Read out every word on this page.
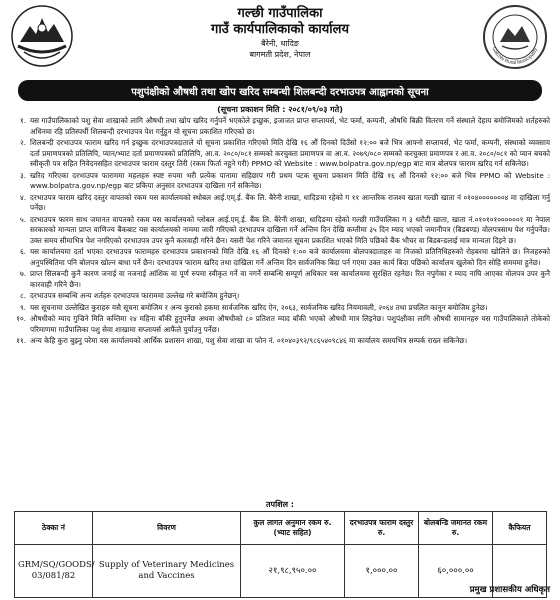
गल्छी गाउँपालिका
गाउँ कार्यपालिकाको कार्यालय
बैरेनी, धादिङ
बागमती प्रदेश, नेपाल
Galchhi Rural Municipality
पशुपंक्षीको औषधी तथा खोप खरिद सम्बन्धी शिलबन्दी दरभाउपत्र आह्वानको सूचना
(सूचना प्रकाशन मिति : २०८१/०९/०३ गते)
१. यस गाउँपालिकाको पशु सेवा शाखाको लागि औषधी तथा खोप खरिद गर्नुपर्ने भएकोले इच्छुक, इजाजत प्राप्त सप्लायर्स, भेट फर्मा, कम्पनी, औषधि बिक्री वितरण गर्ने संस्थाले देहाय बमोजिमको शर्तहरुको अधिनमा रहि प्रतिस्पर्धी शिलबन्दी दरभाउपत्र पेश गर्नुहुन यो सूचना प्रकाशित गरिएको छ।
२. शिलबन्दी दरभाउपत्र फाराम खरिद गर्न इच्छुक दरभाउपत्रदाताले यो सूचना प्रकाशित गरिएको मिति देखि १६ औं दिनको दिउँसो १२:०० बजे भित्र आफ्नो सप्लायर्स, भेट फर्मा, कम्पनी, संस्थाको व्यवसाय दर्ता प्रमाणपत्रको प्रतिलिपि, प्यान/भ्याट दर्ता प्रमाणपत्रको प्रतिलिपि, आ.व. २०८०/०८१ सम्मको करचुक्ता प्रमाणपत्र वा आ.व. २०७९/०८० सम्मको करचुक्ता प्रमाणपत्र र आ.व. २०८०/०८१ को प्यान बचको स्वीकृती पत्र सहित निवेदनसहित दरभाउपत्र फाराम दस्तुर तिरी (रकम फिर्ता नहुने गरी) PPMO को Website : www.bolpatra.gov.np/egp बाट मात्र बोलपत्र फाराम खरिद गर्न सकिनेछ।
३. खरिद गरिएका दरभाउपत्र फाराममा महलहरु स्पष्ट रुपमा भरी प्रत्येक पानामा सहिछाप गरी प्रथम पटक सूचना प्रकाशन मिति देखि १६ औं दिनको १२:०० बजे भित्र PPMO को Website : www.bolpatra.gov.np/egp बाट प्रकिया अनुसार दरभाउपत्र दाखिला गर्न सकिनेछ।
४. दरभाउपत्र फाराम खरिद दस्तुर वापतको रकम यस कार्यालयको स्थोबल आई.एम्.ई. बैंक लि. बैरेनी शाखा, धादिङमा रहेको ग ११ आन्तरिक राजश्व खाता गल्छी खाता नं ०१०४०००००००४ मा दाखिला गर्नु पर्नेछ।
५. दरभाउपत्र फारम साथ जमानत वापतको रकम यस कार्यालयको ग्लोबल आई.एम्.ई. बैंक लि. बैरेनी शाखा, धादिङमा रहेको गल्छी गाउँपालिका ग ३ धरौटी खाता, खाता नं.०१०१०१००००००१ मा नेपाल सरकारको मान्यता प्राप्त वाणिज्य बैंकबाट यस कार्यालयको नाममा जारी गरिएको दरभाउपत्र दाखिला गर्ने अन्तिम दिन देखि कम्तीमा ३५ दिन म्याद भएको जमानीपत्र (बिडबण्ड) वोलपत्रसाथ पेश गर्नुपर्नेछ। उक्त समय सीमाभित्र पेश नगरिएको दरभाउपत्र उपर कुनै कारवाही गरिने छैन। यसरी पेश गरिने जमानत सूचना प्रकाशित भएको मिति पछिको बैंक भौचर वा बिडबन्डलाई मात्र मान्यता दिइने छ।
६. यस कार्यालयमा दर्ता भएका दरभाउपत्र फारामहरु दरभाउपत्र प्रकाशनको मिति देखि १६ औं दिनको १:०० बजे कार्यालयमा बोलपत्रदाताहरु वा निजको प्रतिनिधिहरुको रोहबरमा खोलिने छ। निजहरुको अनुपस्थितिमा पनि बोलपत्र खोल्न बाधा पर्ने छैन। दरभाउपत्र फाराम खरिद तथा दाखिला गर्ने अन्तिम दिन सार्वजनिक बिदा पर्न गएमा उक्त कार्य बिदा पछिको कार्यालय खुलेको दिन सोहि समयमा हुनेछ।
७. प्राप्त सिलबन्दी कुनै कारण जनाई वा नजनाई आंशिक वा पूर्ण रुपमा स्वीकृत गर्ने वा नगर्ने सम्बन्धि सम्पूर्ण अधिकार यस कार्यालयमा सुरक्षित रहनेछ। रित नपुगेका र म्याद नाघि आएका वोलपत्र उपर कुनै कारवाही गरिने छैन।
८. दरभाउपत्र सम्बन्धि अन्य शर्तहरु दरभाउपत्र फाराममा उल्लेख गरे बमोजिम हुनेछन्।
९. यस सूचनामा उल्लेखित कुराहरु यसै सूचना बमोजिम र अन्य कुराको हकमा सार्वजनिक खरिद ऐन, २०६३, सार्वजनिक खरिद नियमावली, २०६४ तथा प्रचलित कानुन बमोजिम हुनेछ।
१०. औषधीको म्याद गुज्रिने मिति कम्तिमा २४ महिना बाँकी हुनुपर्नेछ अथवा औषधीको ८० प्रतिशत म्याद बाँकी भएको औषधी मात्र लिइनेछ। पशुपंक्षीका लागि औषधी सामानहरु यस गाउँपालिकाले तोकेको परिमाणमा गाउँपालिका पशु सेवा शाखामा सप्लायर्स आफैंले पुर्याउनु पर्नेछ।
११. अन्य केहि कुरा बुझ्नु परेमा यस कार्यालयको आर्थिक प्रशासन शाखा, पशु सेवा शाखा वा फोन नं. ०१०४०३९२/९८६५४०९८४६ मा कार्यालय समयभित्र सम्पर्क राख्न सकिनेछ।
तपशिल :
ठेक्का नं	विवरण	कुल लागत अनुमान रकम रु. (भ्याट सहित)	दरभाउपत्र फाराम दस्तुर रु.	बोलबन्डि जमानत रकम रु.	कैफियत
GRM/SQ/GOODS/ 03/081/82	Supply of Veterinary Medicines and Vaccines	२१,९८,९५०.००	१,०००.००	६०,०००.००	
प्रमुख प्रशासकीय अधिकृत
